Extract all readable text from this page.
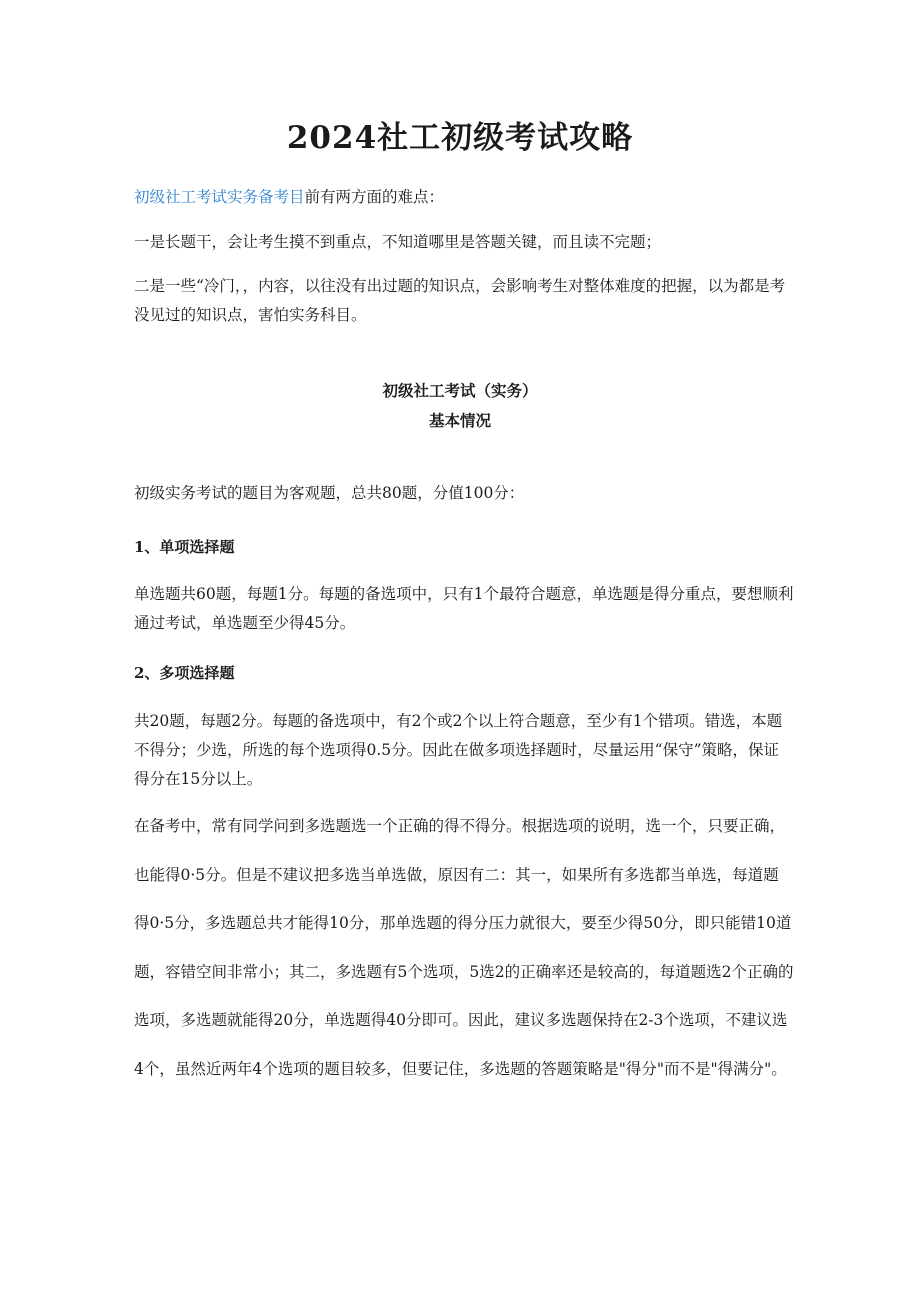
2024社工初级考试攻略

初级社工考试实务备考目前有两方面的难点：

一是长题干，会让考生摸不到重点，不知道哪里是答题关键，而且读不完题；

二是一些“冷门，，内容，以往没有出过题的知识点，会影响考生对整体难度的把握，以为都是考没见过的知识点，害怕实务科目。

初级社工考试（实务）
基本情况

初级实务考试的题目为客观题，总共80题，分值100分：

1、单项选择题

单选题共60题，每题1分。每题的备选项中，只有1个最符合题意，单选题是得分重点，要想顺利通过考试，单选题至少得45分。

2、多项选择题

共20题，每题2分。每题的备选项中，有2个或2个以上符合题意，至少有1个错项。错选，本题不得分；少选，所选的每个选项得0.5分。因此在做多项选择题时，尽量运用“保守”策略，保证得分在15分以上。

在备考中，常有同学问到多选题选一个正确的得不得分。根据选项的说明，选一个，只要正确，也能得0·5分。但是不建议把多选当单选做，原因有二：其一，如果所有多选都当单选，每道题得0·5分，多选题总共才能得10分，那单选题的得分压力就很大，要至少得50分，即只能错10道题，容错空间非常小；其二，多选题有5个选项，5选2的正确率还是较高的，每道题选2个正确的选项，多选题就能得20分，单选题得40分即可。因此，建议多选题保持在2-3个选项，不建议选4个，虽然近两年4个选项的题目较多，但要记住，多选题的答题策略是"得分"而不是"得满分"。
